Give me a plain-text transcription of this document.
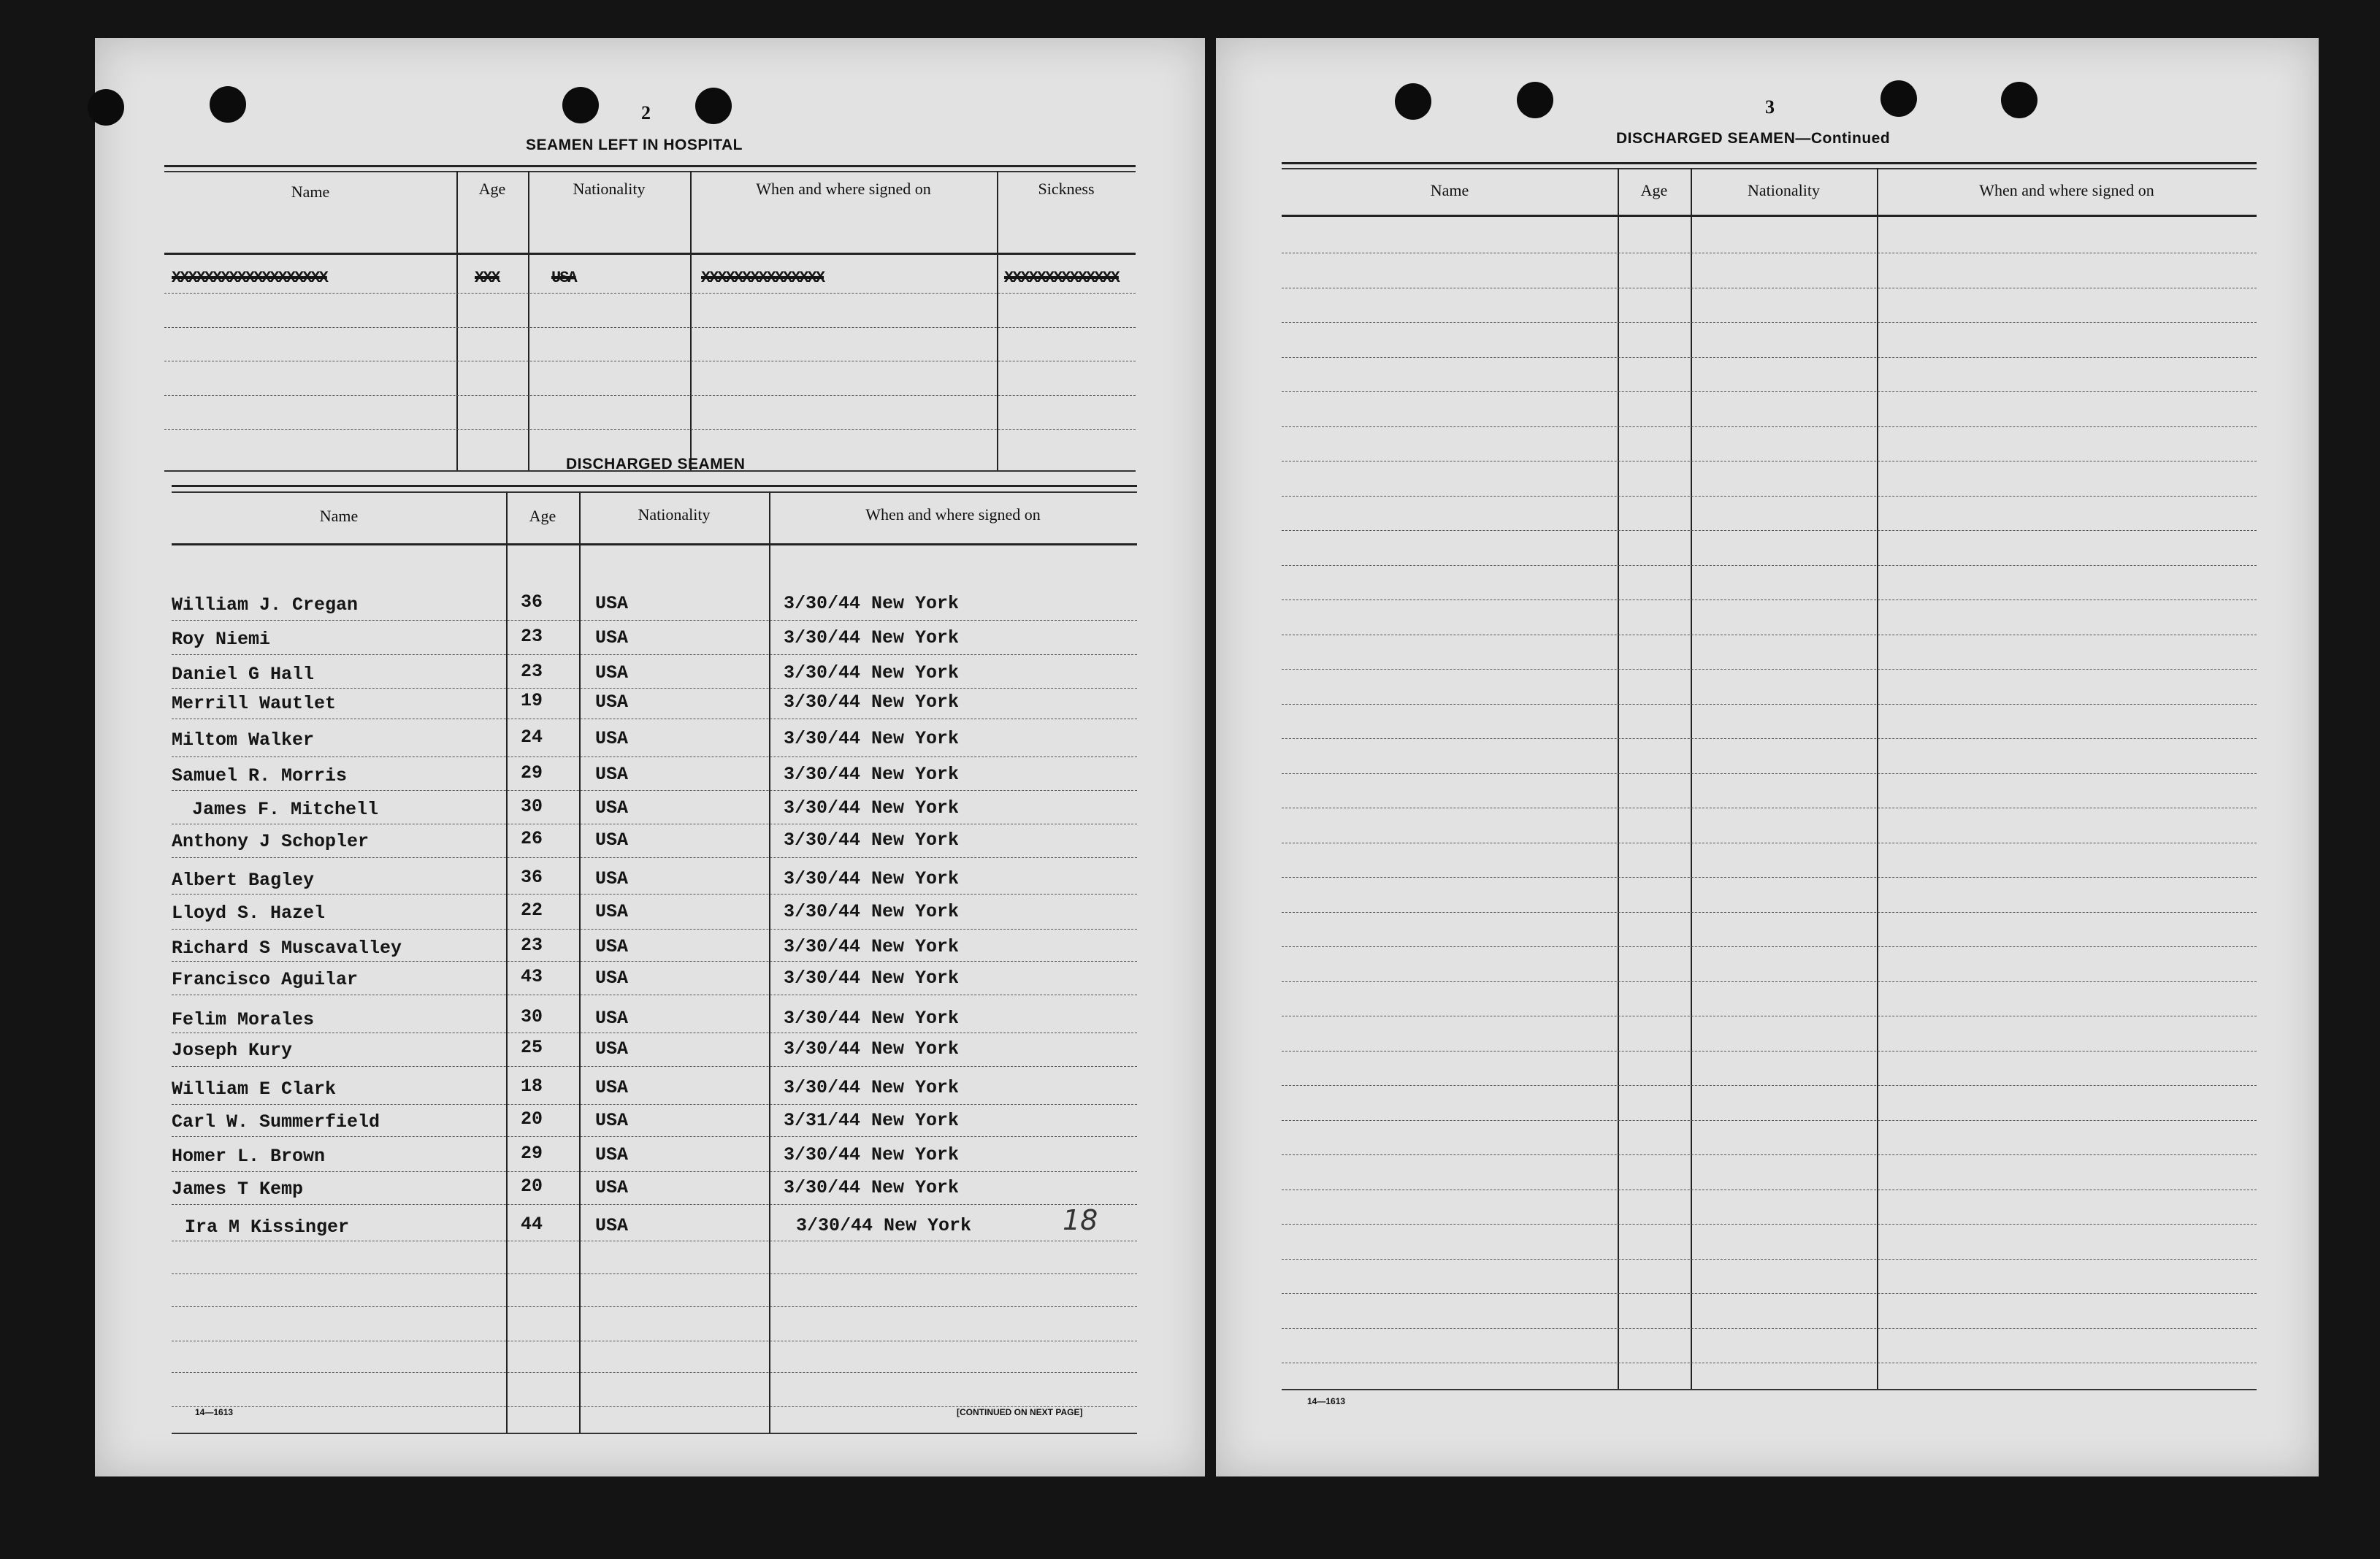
2
SEAMEN LEFT IN HOSPITAL
Name	Age	Nationality	When and where signed on	Sickness
XXXXXXXXXXXXXXXXXXX	XXX	USA	XXXXXXXXXXXXXXX	XXXXXXXXXXXXXX
DISCHARGED SEAMEN
Name	Age	Nationality	When and where signed on
William J. Cregan	36	USA	3/30/44 New York
Roy Niemi	23	USA	3/30/44 New York
Daniel G Hall	23	USA	3/30/44 New York
Merrill Wautlet	19	USA	3/30/44 New York
Miltom Walker	24	USA	3/30/44 New York
Samuel R. Morris	29	USA	3/30/44 New York
James F. Mitchell	30	USA	3/30/44 New York
Anthony J Schopler	26	USA	3/30/44 New York
Albert Bagley	36	USA	3/30/44 New York
Lloyd S. Hazel	22	USA	3/30/44 New York
Richard S Muscavalley	23	USA	3/30/44 New York
Francisco Aguilar	43	USA	3/30/44 New York
Felim Morales	30	USA	3/30/44 New York
Joseph Kury	25	USA	3/30/44 New York
William E Clark	18	USA	3/30/44 New York
Carl W. Summerfield	20	USA	3/31/44 New York
Homer L. Brown	29	USA	3/30/44 New York
James T Kemp	20	USA	3/30/44 New York
Ira M Kissinger	44	USA	3/30/44 New York	18
14—1613	[CONTINUED ON NEXT PAGE]
3
DISCHARGED SEAMEN—Continued
Name	Age	Nationality	When and where signed on
14—1613
